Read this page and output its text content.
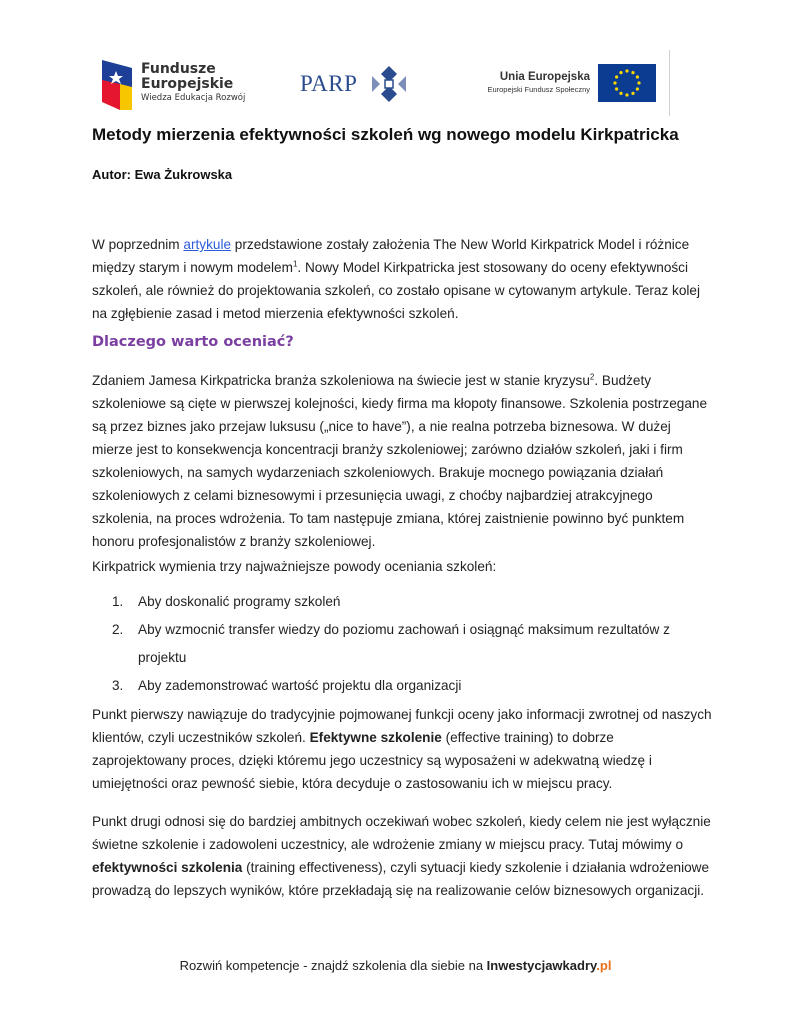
Fundusze
Europejskie
Wiedza Edukacja Rozwój
PARP	Unia Europejska
Europejski Fundusz Społeczny
Metody mierzenia efektywności szkoleń wg nowego modelu Kirkpatricka

Autor: Ewa Żukrowska

W poprzednim artykule przedstawione zostały założenia The New World Kirkpatrick Model i różnice między starym i nowym modelem$^1$. Nowy Model Kirkpatricka jest stosowany do oceny efektywności szkoleń, ale również do projektowania szkoleń, co zostało opisane w cytowanym artykule. Teraz kolej na zgłębienie zasad i metod mierzenia efektywności szkoleń.

Dlaczego warto oceniać?

Zdaniem Jamesa Kirkpatricka branża szkoleniowa na świecie jest w stanie kryzysu$^2$. Budżety szkoleniowe są cięte w pierwszej kolejności, kiedy firma ma kłopoty finansowe. Szkolenia postrzegane są przez biznes jako przejaw luksusu („nice to have”), a nie realna potrzeba biznesowa. W dużej mierze jest to konsekwencja koncentracji branży szkoleniowej; zarówno działów szkoleń, jaki i firm szkoleniowych, na samych wydarzeniach szkoleniowych. Brakuje mocnego powiązania działań szkoleniowych z celami biznesowymi i przesunięcia uwagi, z choćby najbardziej atrakcyjnego szkolenia, na proces wdrożenia. To tam następuje zmiana, której zaistnienie powinno być punktem honoru profesjonalistów z branży szkoleniowej.

Kirkpatrick wymienia trzy najważniejsze powody oceniania szkoleń:

1. Aby doskonalić programy szkoleń
2. Aby wzmocnić transfer wiedzy do poziomu zachowań i osiągnąć maksimum rezultatów z projektu
3. Aby zademonstrować wartość projektu dla organizacji

Punkt pierwszy nawiązuje do tradycyjnie pojmowanej funkcji oceny jako informacji zwrotnej od naszych klientów, czyli uczestników szkoleń. Efektywne szkolenie (effective training) to dobrze zaprojektowany proces, dzięki któremu jego uczestnicy są wyposażeni w adekwatną wiedzę i umiejętności oraz pewność siebie, która decyduje o zastosowaniu ich w miejscu pracy.

Punkt drugi odnosi się do bardziej ambitnych oczekiwań wobec szkoleń, kiedy celem nie jest wyłącznie świetne szkolenie i zadowoleni uczestnicy, ale wdrożenie zmiany w miejscu pracy. Tutaj mówimy o efektywności szkolenia (training effectiveness), czyli sytuacji kiedy szkolenie i działania wdrożeniowe prowadzą do lepszych wyników, które przekładają się na realizowanie celów biznesowych organizacji.

Rozwiń kompetencje - znajdź szkolenia dla siebie na Inwestycjawkadry.pl
